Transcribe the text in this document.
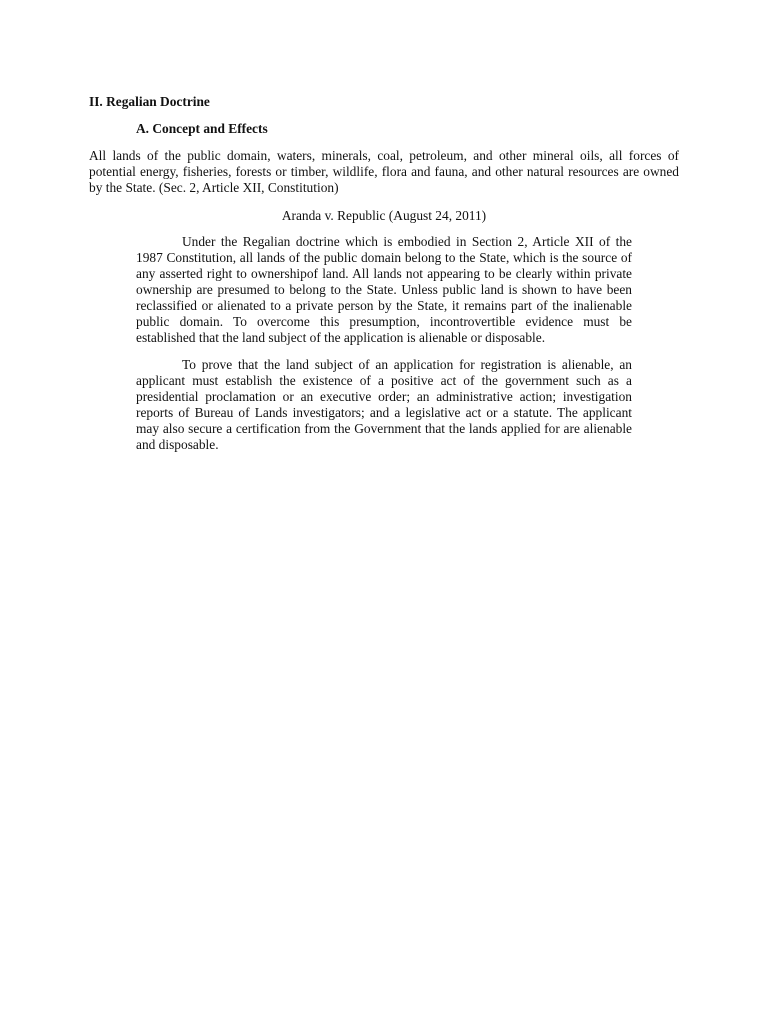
II. Regalian Doctrine
A. Concept and Effects

All lands of the public domain, waters, minerals, coal, petroleum, and other mineral oils, all forces of potential energy, fisheries, forests or timber, wildlife, flora and fauna, and other natural resources are owned by the State. (Sec. 2, Article XII, Constitution)

Aranda v. Republic (August 24, 2011)

Under the Regalian doctrine which is embodied in Section 2, Article XII of the 1987 Constitution, all lands of the public domain belong to the State, which is the source of any asserted right to ownershipof land. All lands not appearing to be clearly within private ownership are presumed to belong to the State. Unless public land is shown to have been reclassified or alienated to a private person by the State, it remains part of the inalienable public domain. To overcome this presumption, incontrovertible evidence must be established that the land subject of the application is alienable or disposable.

To prove that the land subject of an application for registration is alienable, an applicant must establish the existence of a positive act of the government such as a presidential proclamation or an executive order; an administrative action; investigation reports of Bureau of Lands investigators; and a legislative act or a statute. The applicant may also secure a certification from the Government that the lands applied for are alienable and disposable.
